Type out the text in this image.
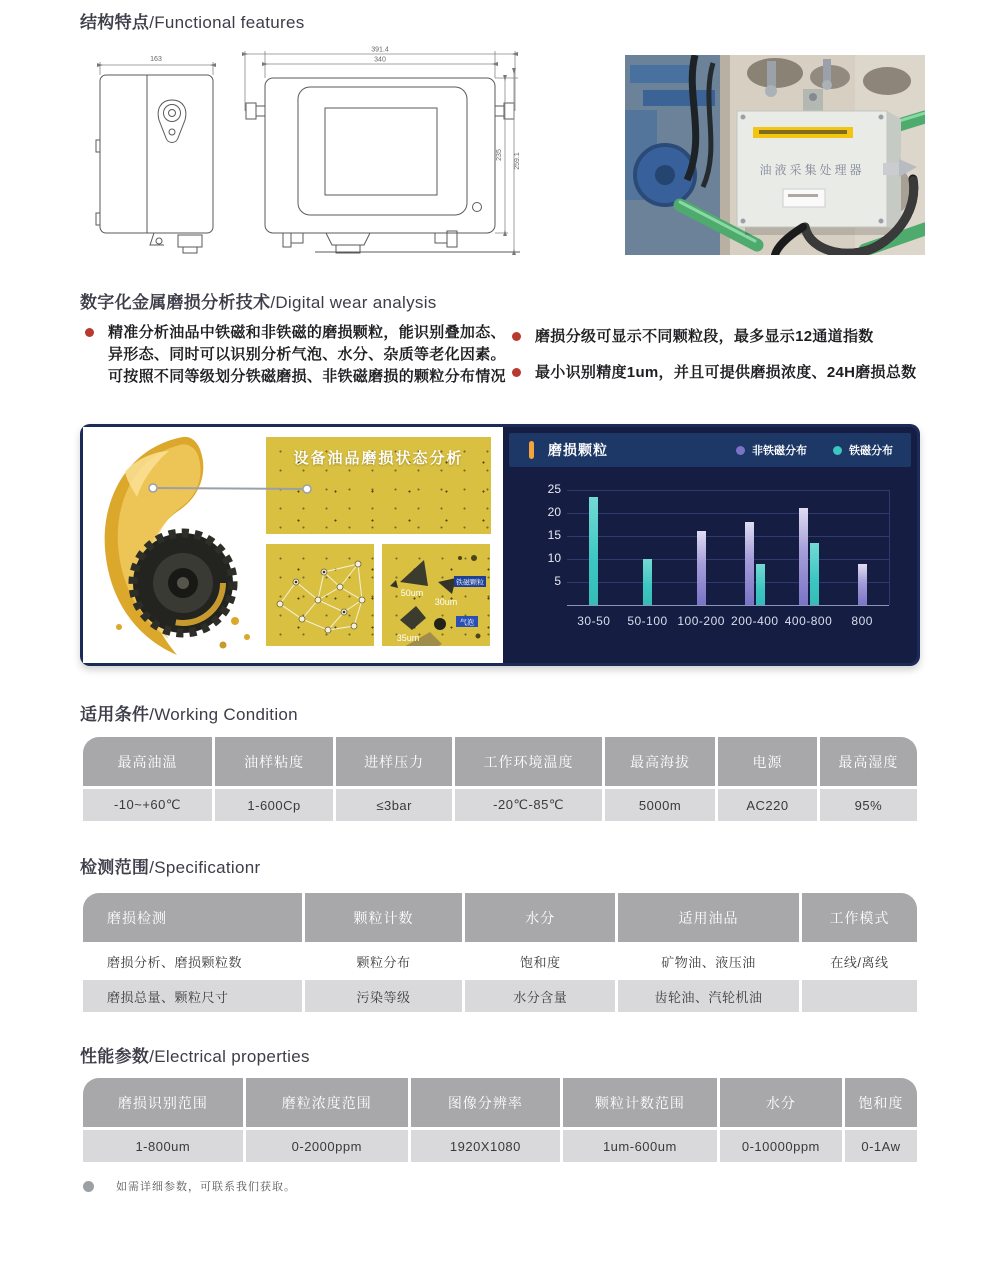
结构特点/Functional features
163
391.4
340
235 259.1
油液采集处理器
数字化金属磨损分析技术/Digital wear analysis
精准分析油品中铁磁和非铁磁的磨损颗粒，能识别叠加态、异形态、同时可以识别分析气泡、水分、杂质等老化因素。可按照不同等级划分铁磁磨损、非铁磁磨损的颗粒分布情况
磨损分级可显示不同颗粒段，最多显示12通道指数
最小识别精度1um，并且可提供磨损浓度、24H磨损总数
设备油品磨损状态分析
50um
30um
35um
铁磁颗粒
气泡
磨损颗粒	非铁磁分布	铁磁分布
5
10
15
20
25
30-50	50-100 100-200 200-400 400-800	800
适用条件/Working Condition
最高油温	油样粘度	进样压力	工作环境温度	最高海拔	电源	最高湿度
-10~+60℃	1-600Cp	≤3bar	-20℃-85℃	5000m	AC220	95%
检测范围/Specificationr
磨损检测	颗粒计数	水分	适用油品	工作模式
磨损分析、磨损颗粒数	颗粒分布	饱和度	矿物油、液压油	在线/离线
磨损总量、颗粒尺寸	污染等级	水分含量	齿轮油、汽轮机油	
性能参数/Electrical properties
磨损识别范围	磨粒浓度范围	图像分辨率	颗粒计数范围	水分	饱和度
1-800um	0-2000ppm	1920X1080	1um-600um	0-10000ppm	0-1Aw
如需详细参数，可联系我们获取。
